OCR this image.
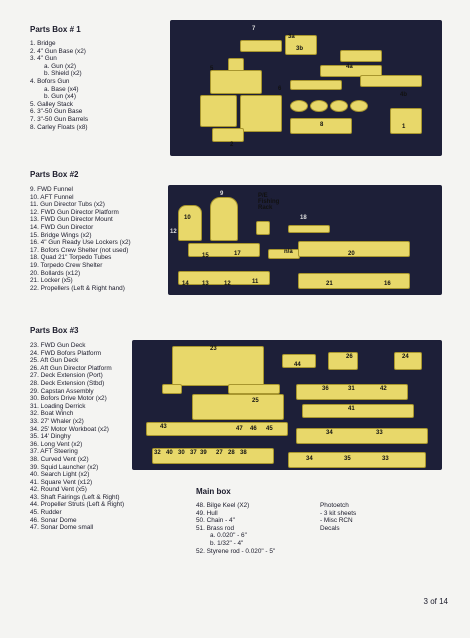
Parts Box # 1
1. Bridge
2. 4" Gun Base (x2)
3. 4" Gun
a. Gun (x2)
b. Shield (x2)
4. Bofors Gun
a. Base (x4)
b. Gun (x4)
5. Galley Stack
6. 3"-50 Gun Base
7. 3"-50 Gun Barrels
8. Carley Floats (x8)
7
3a
3b
5	4a
6
2
8	1
4b
Parts Box #2
9. FWD Funnel
10. AFT Funnel
11. Gun Director Tubs (x2)
12. FWD Gun Director Platform
13. FWD Gun Director Mount
14. FWD Gun Director
15. Bridge Wings (x2)
16. 4" Gun Ready Use Lockers (x2)
17. Bofors Crew Shelter (not used)
18. Quad 21" Torpedo Tubes
19. Torpedo Crew Shelter
20. Bollards (x12)
21. Locker (x5)
22. Propellers (Left & Right hand)
10
9	P/E Fishing Rack
18
12
15	17	n/a	20
14 13	12	11	21	16
Parts Box #3
23. FWD Gun Deck
24. FWD Bofors Platform
25. Aft Gun Deck
26. Aft Gun Director Platform
27. Deck Extension (Port)
28. Deck Extension (Stbd)
29. Capstan Assembly
30. Bofors Drive Motor (x2)
31. Loading Derrick
32. Boat Winch
33. 27' Whaler (x2)
34. 25' Motor Workboat (x2)
35. 14' Dinghy
36. Long Vent (x2)
37. AFT Steering
38. Curved Vent (x2)
39. Squid Launcher (x2)
40. Search Light (x2)
41. Square Vent (x12)
42. Round Vent (x5)
43. Shaft Fairings (Left & Right)
44. Propeller Struts (Left & Right)
45. Rudder
46. Sonar Dome
47. Sonar Dome small
23
44
26	24
36	31	42
25
41
43	47 46 45
34	33
32 40 30 37 39 27 28 38
34	35	33
Main box
48. Bilge Keel (X2)
49. Hull
50. Chain - 4"
51. Brass rod
a. 0.020" - 6"
b. 1/32" - 4"
52. Styrene rod - 0.020" - 5"
Photoetch
- 3 kit sheets
- Misc RCN
Decals
3 of 14
